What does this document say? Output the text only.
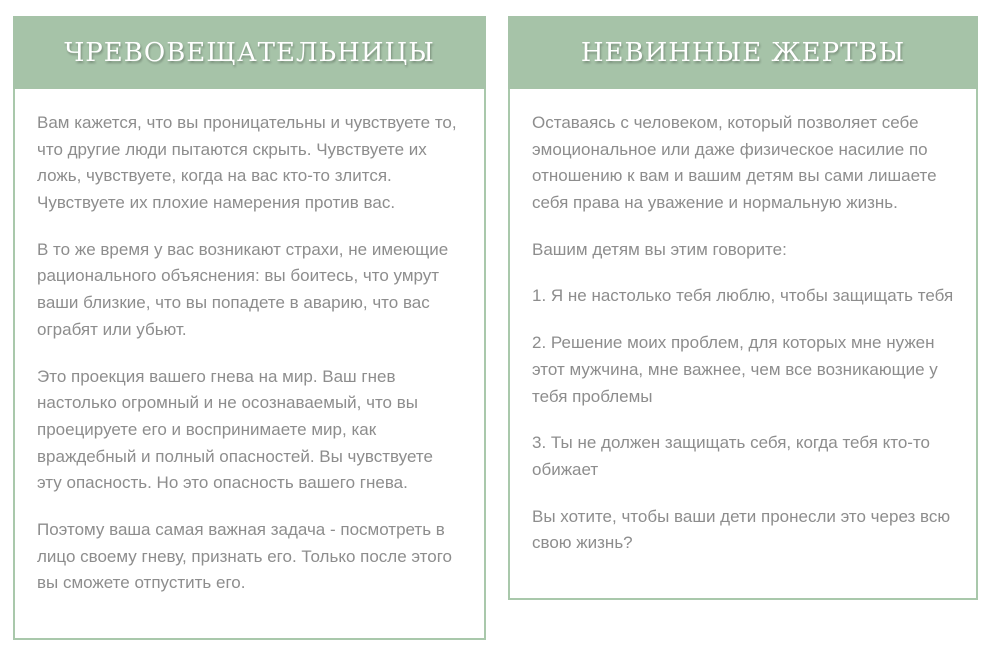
ЧРЕВОВЕЩАТЕЛЬНИЦЫ

Вам кажется, что вы проницательны и чувствуете то, что другие люди пытаются скрыть. Чувствуете их ложь, чувствуете, когда на вас кто-то злится. Чувствуете их плохие намерения против вас.

В то же время у вас возникают страхи, не имеющие рационального объяснения: вы боитесь, что умрут ваши близкие, что вы попадете в аварию, что вас ограбят или убьют.

Это проекция вашего гнева на мир. Ваш гнев настолько огромный и не осознаваемый, что вы проецируете его и воспринимаете мир, как враждебный и полный опасностей. Вы чувствуете эту опасность. Но это опасность вашего гнева.

Поэтому ваша самая важная задача - посмотреть в лицо своему гневу, признать его. Только после этого вы сможете отпустить его.

НЕВИННЫЕ ЖЕРТВЫ

Оставаясь с человеком, который позволяет себе эмоциональное или даже физическое насилие по отношению к вам и вашим детям вы сами лишаете себя права на уважение и нормальную жизнь.

Вашим детям вы этим говорите:

1. Я не настолько тебя люблю, чтобы защищать тебя

2. Решение моих проблем, для которых мне нужен этот мужчина, мне важнее, чем все возникающие у тебя проблемы

3. Ты не должен защищать себя, когда тебя кто-то обижает

Вы хотите, чтобы ваши дети пронесли это через всю свою жизнь?
